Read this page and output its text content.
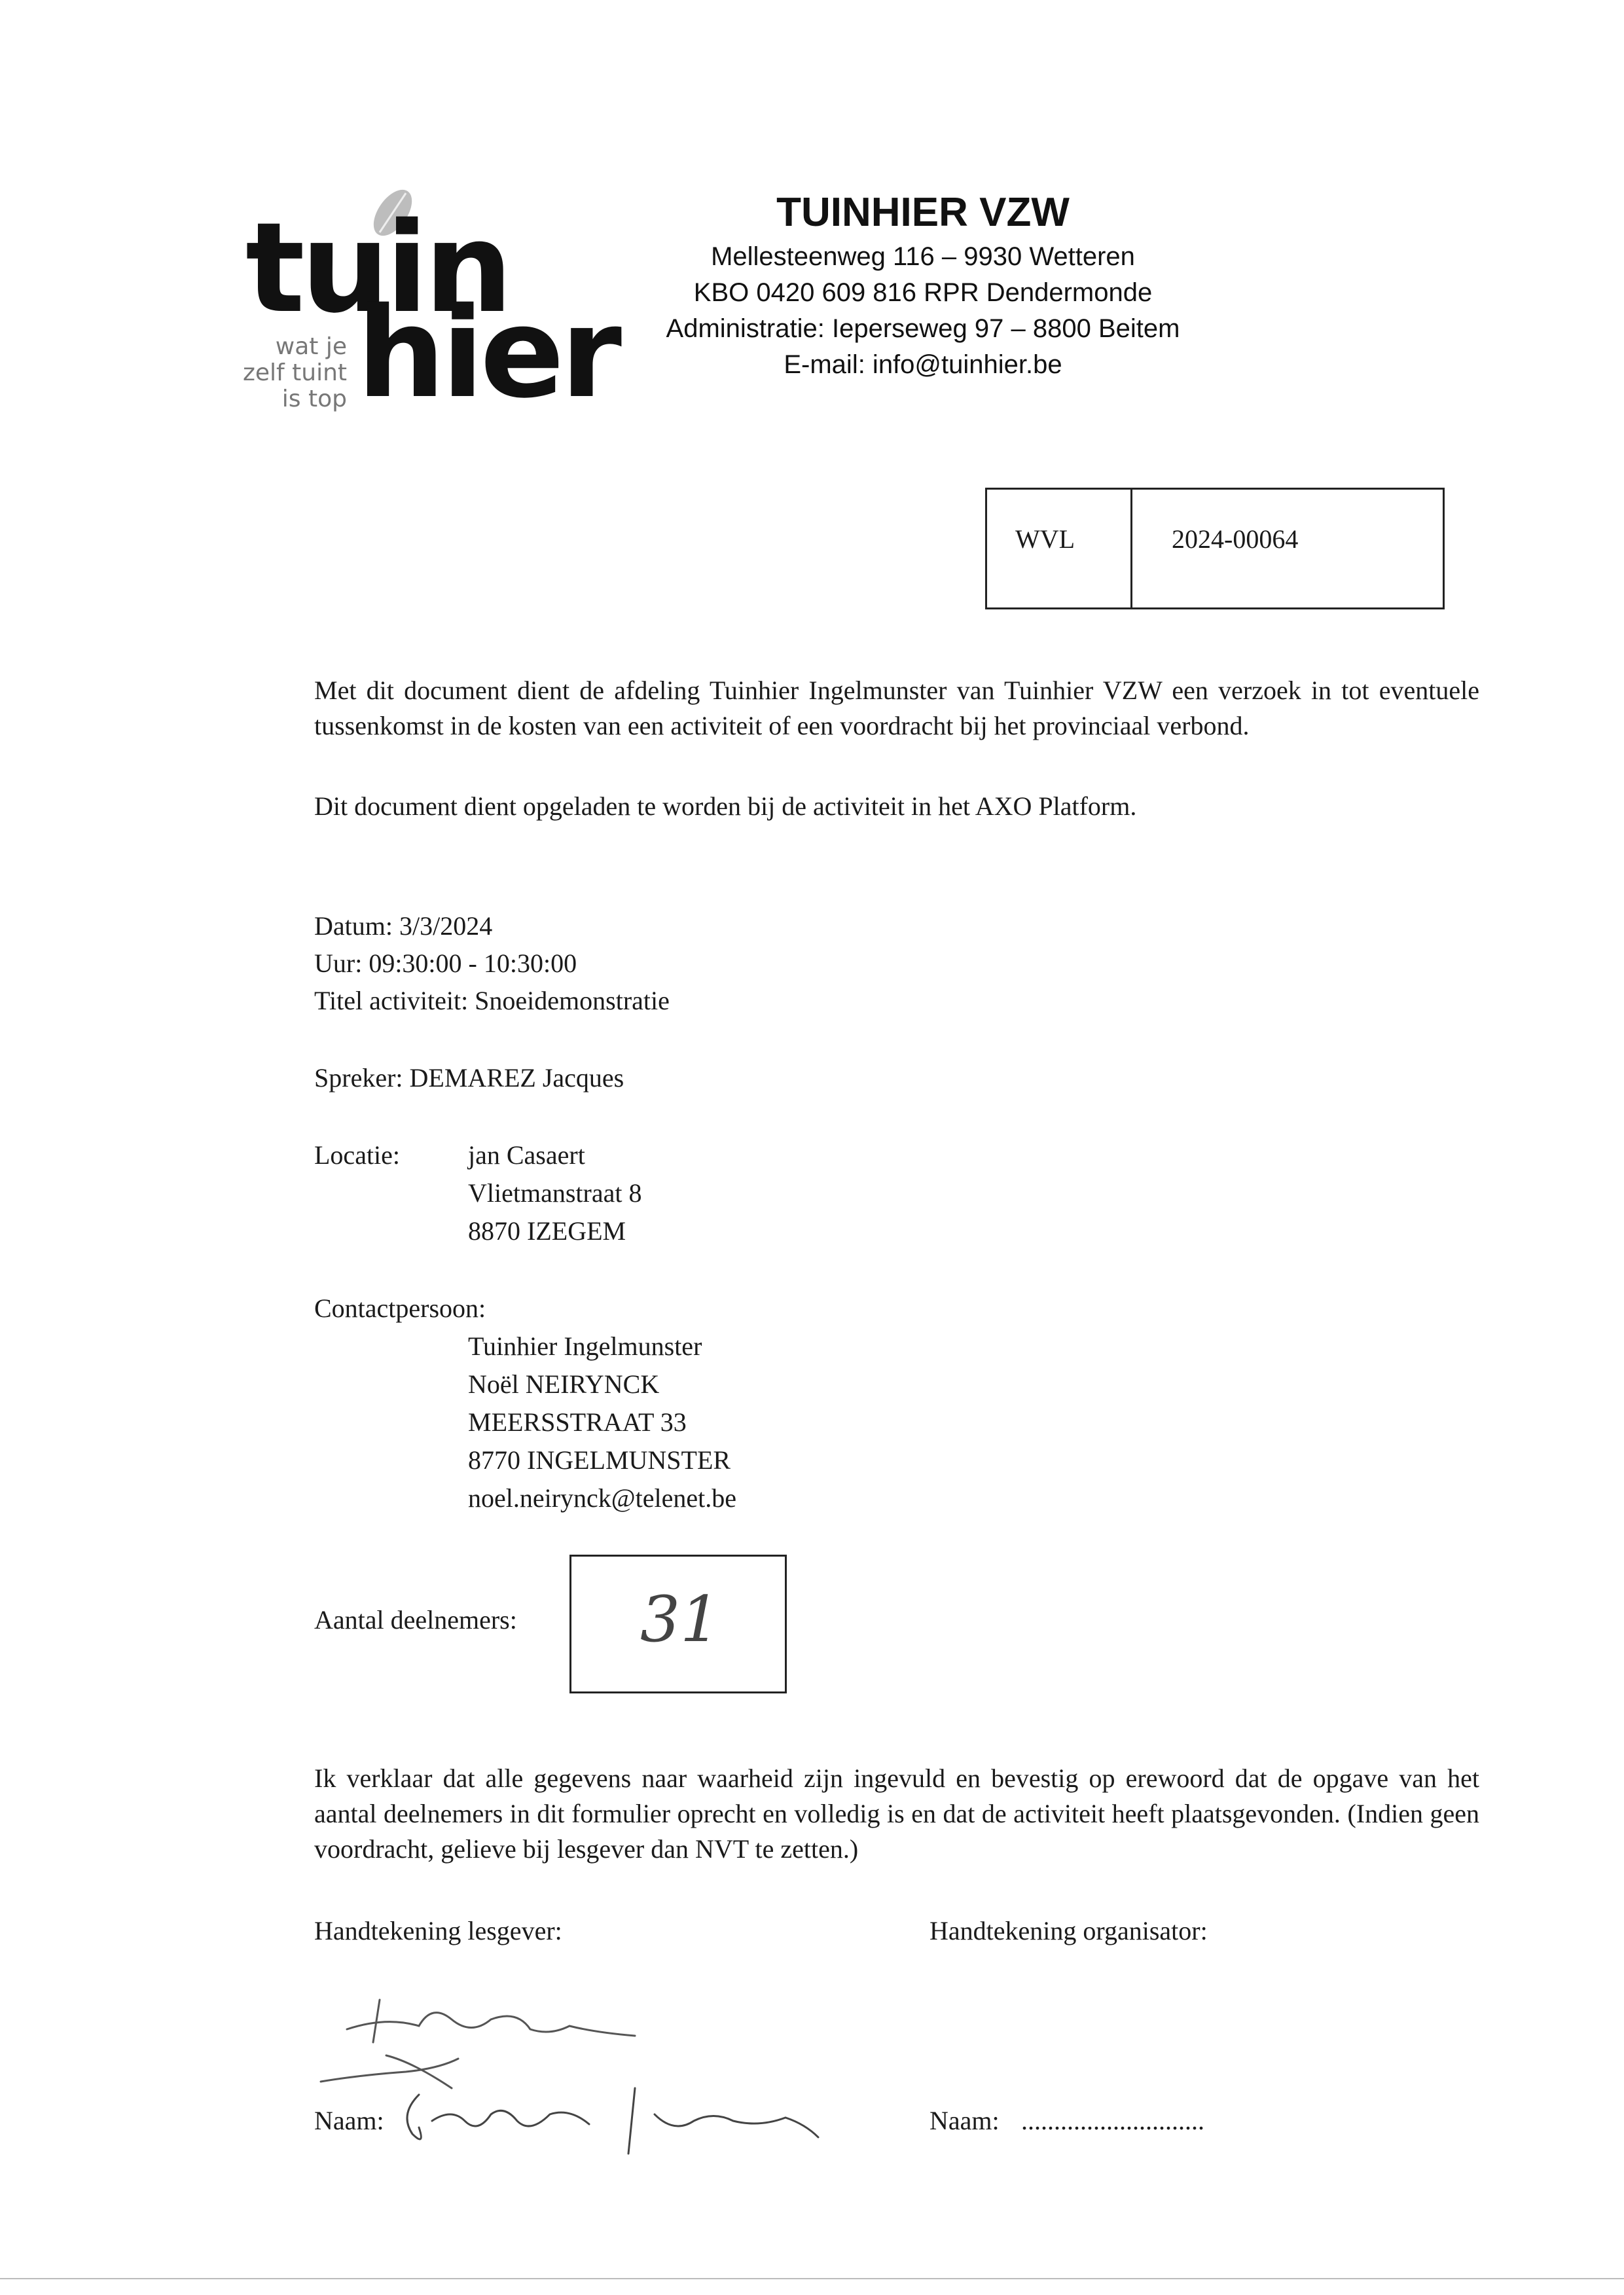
tuin
hier
wat je
zelf tuint
is top
TUINHIER VZW
Mellesteenweg 116 – 9930 Wetteren
KBO 0420 609 816 RPR Dendermonde
Administratie: Ieperseweg 97 – 8800 Beitem
E-mail: info@tuinhier.be
WVL	2024-00064
Met dit document dient de afdeling Tuinhier Ingelmunster van Tuinhier VZW een verzoek in tot eventuele tussenkomst in de kosten van een activiteit of een voordracht bij het provinciaal verbond.
Dit document dient opgeladen te worden bij de activiteit in het AXO Platform.
Datum: 3/3/2024
Uur: 09:30:00 - 10:30:00
Titel activiteit: Snoeidemonstratie
Spreker: DEMAREZ Jacques
Locatie:	jan Casaert
Vlietmanstraat 8
8870 IZEGEM
Contactpersoon:
Tuinhier Ingelmunster
Noël NEIRYNCK
MEERSSTRAAT 33
8770 INGELMUNSTER
noel.neirynck@telenet.be
Aantal deelnemers: 31
Ik verklaar dat alle gegevens naar waarheid zijn ingevuld en bevestig op erewoord dat de opgave van het aantal deelnemers in dit formulier oprecht en volledig is en dat de activiteit heeft plaatsgevonden. (Indien geen voordracht, gelieve bij lesgever dan NVT te zetten.)
Handtekening lesgever:	Handtekening organisator:
Naam:	Naam: ............................
